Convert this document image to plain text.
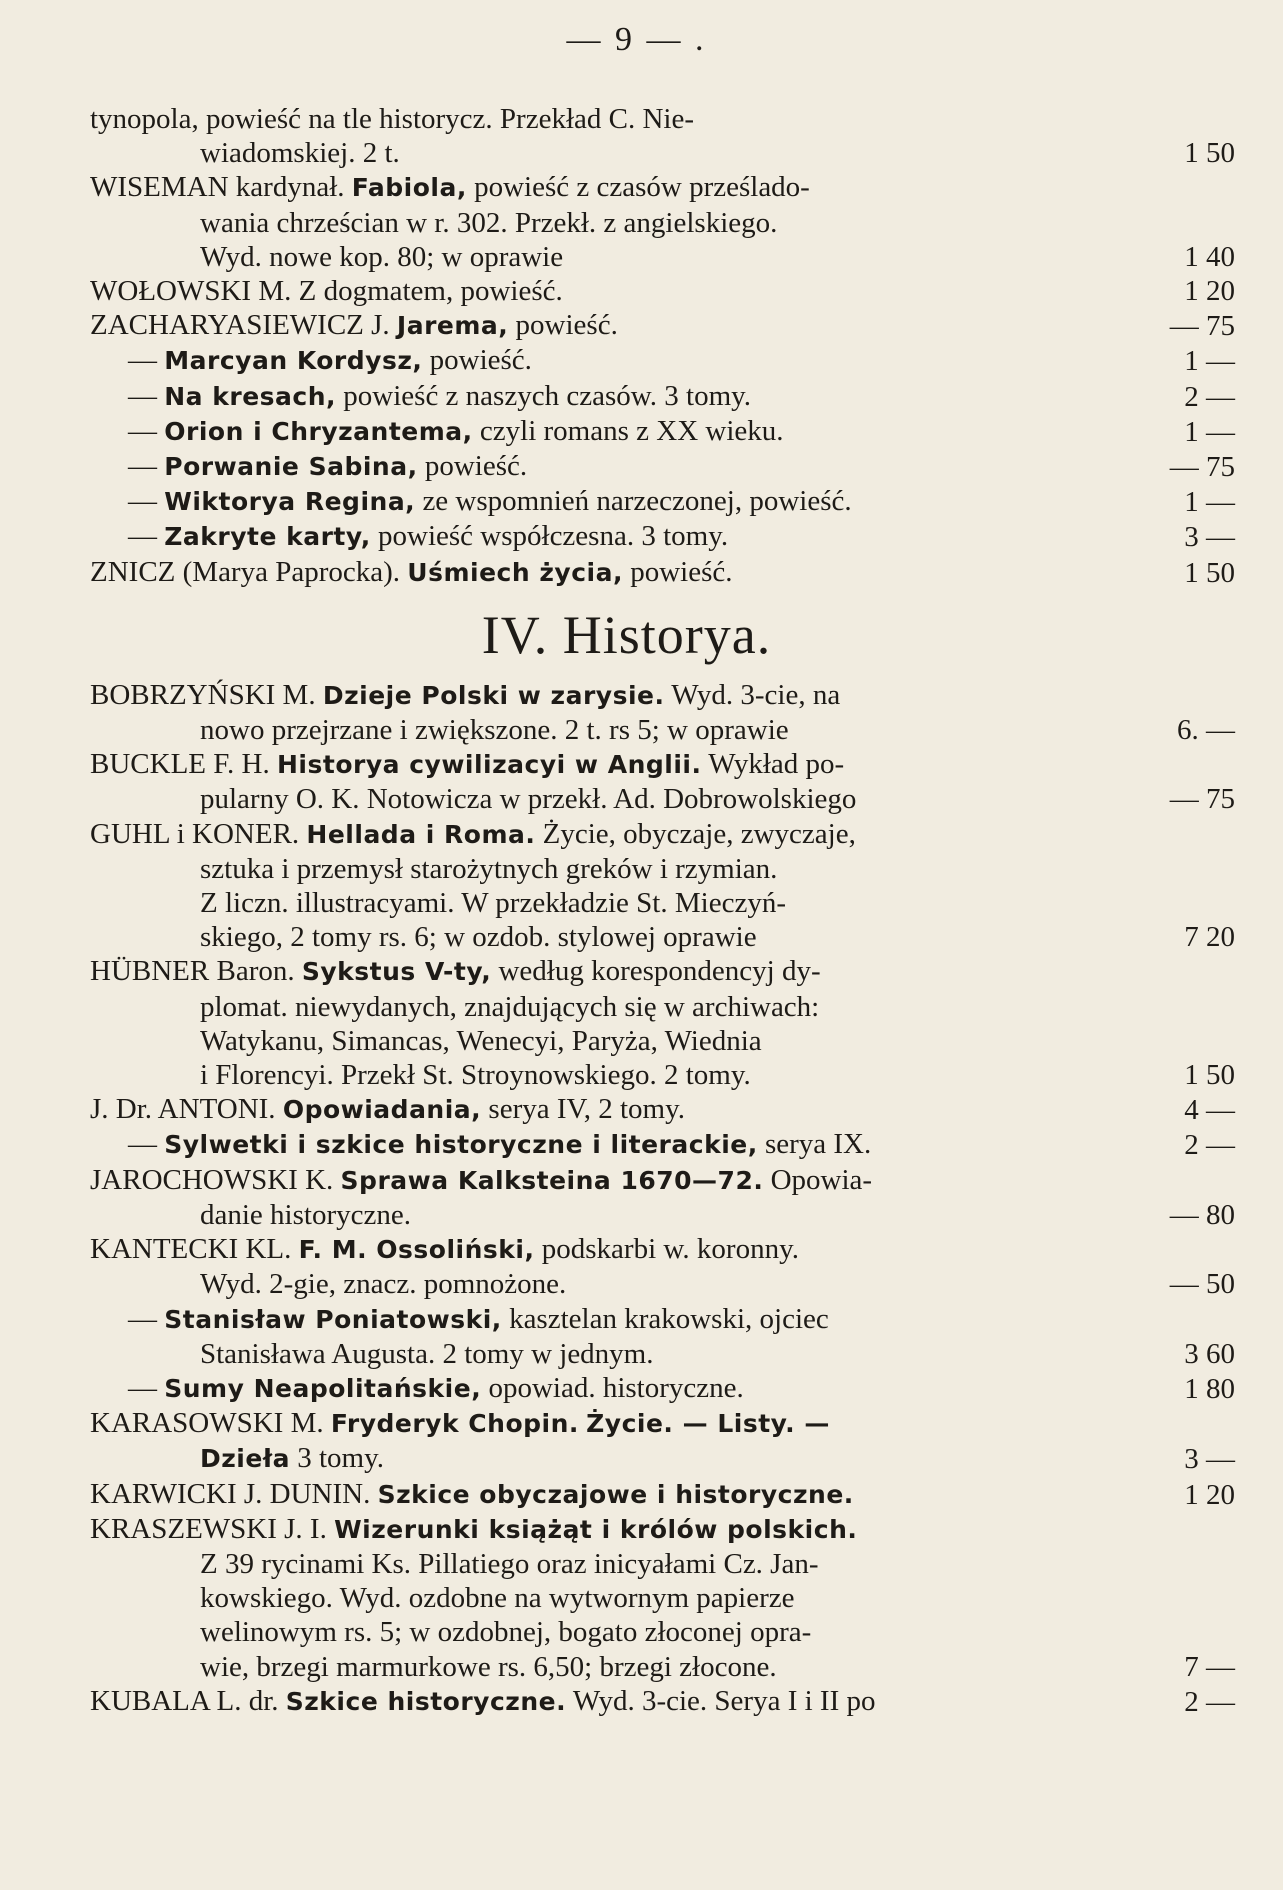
— 9 — .
tynopola, powieść na tle historycz. Przekład C. Nie-
wiadomskiej. 2 t.	1 50
WISEMAN kardynał. Fabiola, powieść z czasów prześlado-
wania chrześcian w r. 302. Przekł. z angielskiego.
Wyd. nowe kop. 80; w oprawie	1 40
WOŁOWSKI M. Z dogmatem, powieść.	1 20
ZACHARYASIEWICZ J. Jarema, powieść.	— 75
— Marcyan Kordysz, powieść.	1 —
— Na kresach, powieść z naszych czasów. 3 tomy.	2 —
— Orion i Chryzantema, czyli romans z XX wieku.	1 —
— Porwanie Sabina, powieść.	— 75
— Wiktorya Regina, ze wspomnień narzeczonej, powieść.	1 —
— Zakryte karty, powieść współczesna. 3 tomy.	3 —
ZNICZ (Marya Paprocka). Uśmiech życia, powieść.	1 50
IV. Historya.
BOBRZYŃSKI M. Dzieje Polski w zarysie. Wyd. 3-cie, na
nowo przejrzane i zwiększone. 2 t. rs 5; w oprawie	6. —
BUCKLE F. H. Historya cywilizacyi w Anglii. Wykład po-
pularny O. K. Notowicza w przekł. Ad. Dobrowolskiego	— 75
GUHL i KONER. Hellada i Roma. Życie, obyczaje, zwyczaje,
sztuka i przemysł starożytnych greków i rzymian.
Z liczn. illustracyami. W przekładzie St. Mieczyń-
skiego, 2 tomy rs. 6; w ozdob. stylowej oprawie	7 20
HÜBNER Baron. Sykstus V-ty, według korespondencyj dy-
plomat. niewydanych, znajdujących się w archiwach:
Watykanu, Simancas, Wenecyi, Paryża, Wiednia
i Florencyi. Przekł St. Stroynowskiego. 2 tomy.	1 50
J. Dr. ANTONI. Opowiadania, serya IV, 2 tomy.	4 —
— Sylwetki i szkice historyczne i literackie, serya IX.	2 —
JAROCHOWSKI K. Sprawa Kalksteina 1670—72. Opowia-
danie historyczne.	— 80
KANTECKI KL. F. M. Ossoliński, podskarbi w. koronny.
Wyd. 2-gie, znacz. pomnożone.	— 50
— Stanisław Poniatowski, kasztelan krakowski, ojciec
Stanisława Augusta. 2 tomy w jednym.	3 60
— Sumy Neapolitańskie, opowiad. historyczne.	1 80
KARASOWSKI M. Fryderyk Chopin. Życie. — Listy. —
Dzieła 3 tomy.	3 —
KARWICKI J. DUNIN. Szkice obyczajowe i historyczne.	1 20
KRASZEWSKI J. I. Wizerunki książąt i królów polskich.
Z 39 rycinami Ks. Pillatiego oraz inicyałami Cz. Jan-
kowskiego. Wyd. ozdobne na wytwornym papierze
welinowym rs. 5; w ozdobnej, bogato złoconej opra-
wie, brzegi marmurkowe rs. 6,50; brzegi złocone.	7 —
KUBALA L. dr. Szkice historyczne. Wyd. 3-cie. Serya I i II po	2 —
